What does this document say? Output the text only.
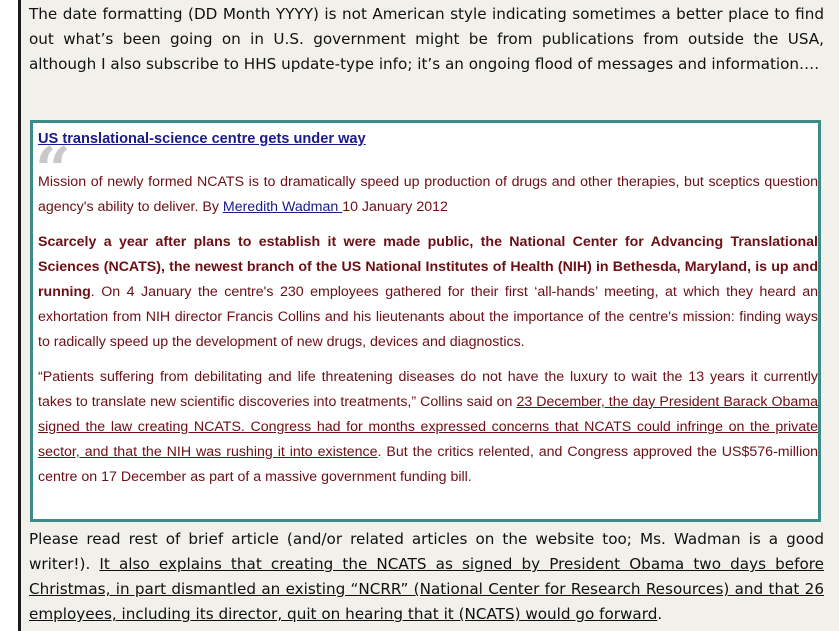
The date formatting (DD Month YYYY) is not American style indicating sometimes a better place to find out what’s been going on in U.S. government might be from publications from outside the USA, although I also subscribe to HHS update-type info; it’s an ongoing flood of messages and information….

“
US translational-science centre gets under way

Mission of newly formed NCATS is to dramatically speed up production of drugs and other therapies, but sceptics question agency's ability to deliver. By Meredith Wadman 10 January 2012

Scarcely a year after plans to establish it were made public, the National Center for Advancing Translational Sciences (NCATS), the newest branch of the US National Institutes of Health (NIH) in Bethesda, Maryland, is up and running. On 4 January the centre's 230 employees gathered for their first ‘all-hands’ meeting, at which they heard an exhortation from NIH director Francis Collins and his lieutenants about the importance of the centre's mission: finding ways to radically speed up the development of new drugs, devices and diagnostics.

“Patients suffering from debilitating and life threatening diseases do not have the luxury to wait the 13 years it currently takes to translate new scientific discoveries into treatments,” Collins said on 23 December, the day President Barack Obama signed the law creating NCATS. Congress had for months expressed concerns that NCATS could infringe on the private sector, and that the NIH was rushing it into existence. But the critics relented, and Congress approved the US$576-million centre on 17 December as part of a massive government funding bill.

Please read rest of brief article (and/or related articles on the website too; Ms. Wadman is a good writer!). It also explains that creating the NCATS as signed by President Obama two days before Christmas, in part dismantled an existing “NCRR” (National Center for Research Resources) and that 26 employees, including its director, quit on hearing that it (NCATS) would go forward.
